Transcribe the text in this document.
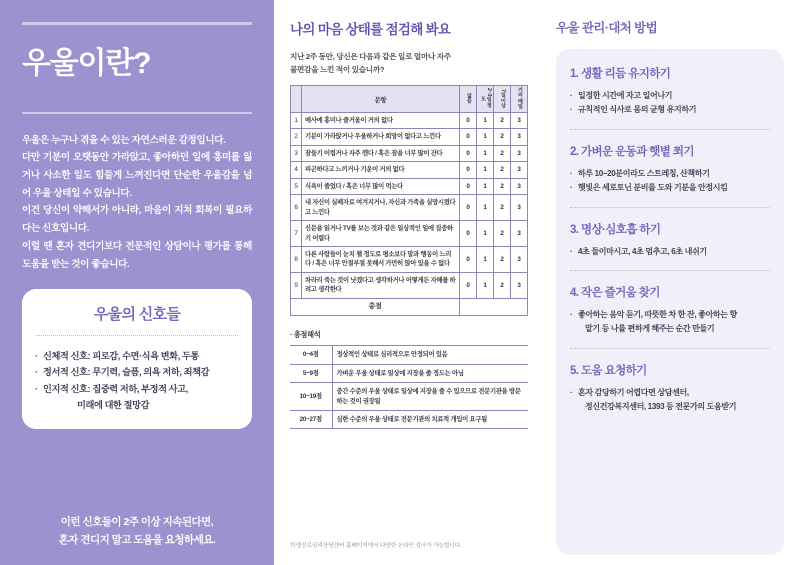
우울이란?

우울은 누구나 겪을 수 있는 자연스러운 감정입니다.

다만 기분이 오랫동안 가라앉고, 좋아하던 일에 흥미를 잃거나 사소한 일도 힘들게 느껴진다면 단순한 우울감을 넘어 우울 상태일 수 있습니다.

이건 당신이 약해서가 아니라, 마음이 지쳐 회복이 필요하다는 신호입니다.

이럴 땐 혼자 견디기보다 전문적인 상담이나 평가를 통해 도움을 받는 것이 좋습니다.

우울의 신호들
· 신체적 신호: 피로감, 수면·식욕 변화, 두통
· 정서적 신호: 무기력, 슬픔, 의욕 저하, 죄책감
· 인지적 신호: 집중력 저하, 부정적 사고,
미래에 대한 절망감
이런 신호들이 2주 이상 지속된다면,
혼자 견디지 말고 도움을 요청하세요.
나의 마음 상태를 점검해 봐요
지난 2주 동안, 당신은 다음과 같은 일로 얼마나 자주
불편감을 느낀 적이 있습니까?
	문항	없음	2~3일 정도	7일 이상	거의 매일
1	매사에 흥미나 즐거움이 거의 없다	0	1	2	3
2	기분이 가라앉거나 우울하거나 희망이 없다고 느낀다	0	1	2	3
3	잠들기 어렵거나 자주 깬다 / 혹은 잠을 너무 많이 잔다	0	1	2	3
4	피곤하다고 느끼거나 기운이 거의 없다	0	1	2	3
5	식욕이 줄었다 / 혹은 너무 많이 먹는다	0	1	2	3
6	내 자신이 실패자로 여겨지거나, 자신과 가족을 실망시켰다고 느낀다	0	1	2	3
7	신문을 읽거나 TV를 보는 것과 같은 일상적인 일에 집중하기 어렵다	0	1	2	3
8	다른 사람들이 눈치 챌 정도로 평소보다 말과 행동이 느리다 / 혹은 너무 안절부절 못해서 가만히 앉아 있을 수 없다	0	1	2	3
9	차라리 죽는 것이 낫겠다고 생각하거나 어떻게든 자해를 하려고 생각한다	0	1	2	3
총점					
· 총점해석
0~4점	정상적인 상태로 심리적으로 안정되어 있음
5~9점	가벼운 우울 상태로 일상에 지장을 줄 정도는 아님
10~19점	중간 수준의 우울 상태로 일상에 지장을 줄 수 있으므로 전문기관을 방문하는 것이 권장됨
20~27점	심한 수준의 우울 상태로 전문기관의 치료적 개입이 요구됨
학생진로심리상담센터 홈페이지에서 다양한 온라인 검사가 가능합니다.
우울 관리·대처 방법
1. 생활 리듬 유지하기
· 일정한 시간에 자고 일어나기
· 규칙적인 식사로 몸의 균형 유지하기
2. 가벼운 운동과 햇볕 쬐기
· 하루 10~20분이라도 스트레칭, 산책하기
· 햇빛은 세로토닌 분비를 도와 기분을 안정시킴
3. 명상·심호흡 하기
· 4초 들이마시고, 4초 멈추고, 6초 내쉬기
4. 작은 즐거움 찾기
· 좋아하는 음악 듣기, 따뜻한 차 한 잔, 좋아하는 향
맡기 등 나를 편하게 해주는 순간 만들기
5. 도움 요청하기
· 혼자 감당하기 어렵다면 상담센터,
정신건강복지센터, 1393 등 전문가의 도움받기
